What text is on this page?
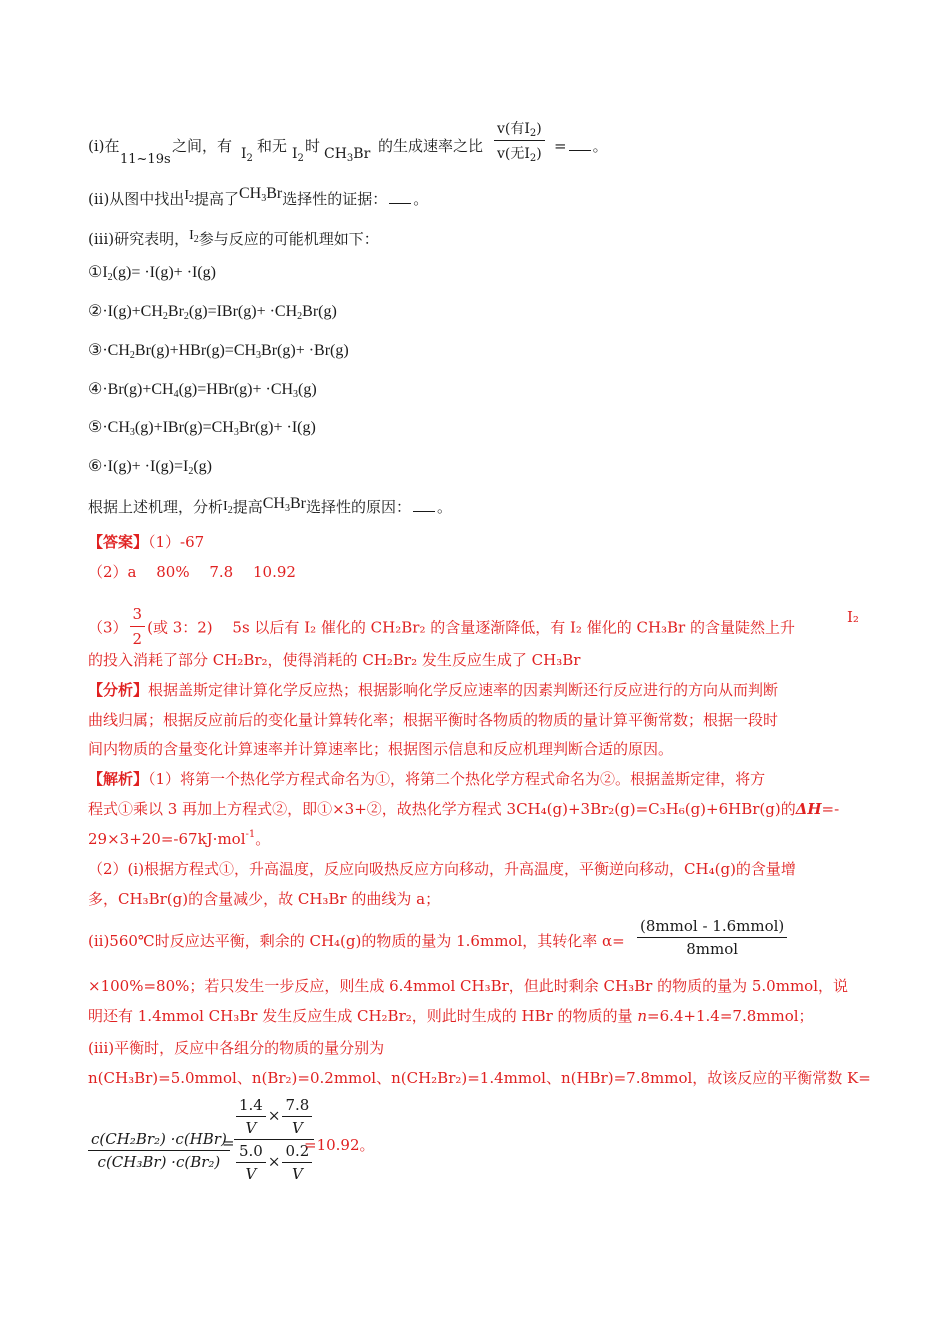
(i)在
11~19s
之间，有 $I_2$
和无 $I_2$
时 $CH_3Br$ 的生成速率之比 $\frac{v(有I_2)}{v(无I_2)}$ = 。
(ii)从图中找出$I_2$提高了$CH_3Br$选择性的证据： 。
(iii)研究表明，$I_2$参与反应的可能机理如下：
$①I_2(g)= \cdot I(g)+ \cdot I(g)$
$②\cdot I(g)+CH_2Br_2(g)=IBr(g)+ \cdot CH_2Br(g)$
$③\cdot CH_2Br(g)+HBr(g)=CH_3Br(g)+ \cdot Br(g)$
$④\cdot Br(g)+CH_4(g)=HBr(g)+ \cdot CH_3(g)$
$⑤\cdot CH_3(g)+IBr(g)=CH_3Br(g)+ \cdot I(g)$
⑥·I(g)+ $\cdot I(g)=I_2(g)$
根据上述机理，分析$I_2$提高$CH_3Br$选择性的原因： 。
【答案】（1）-67
（2）a　 80%　 7.8　 10.92
$(3) \frac{3}{2}$ (或 3：2)　 5s 以后有 I₂ 催化的 CH₂Br₂ 的含量逐渐降低，有 I₂ 催化的 CH₃Br 的含量陡然上升
I₂
的投入消耗了部分 CH₂Br₂，使得消耗的 CH₂Br₂ 发生反应生成了 CH₃Br
【分析】根据盖斯定律计算化学反应热；根据影响化学反应速率的因素判断还行反应进行的方向从而判断
曲线归属；根据反应前后的变化量计算转化率；根据平衡时各物质的物质的量计算平衡常数；根据一段时
间内物质的含量变化计算速率并计算速率比；根据图示信息和反应机理判断合适的原因。
【解析】（1）将第一个热化学方程式命名为①，将第二个热化学方程式命名为②。根据盖斯定律，将方
程式①乘以 3 再加上方程式②，即①×3+②，故热化学方程式 3CH₄(g)+3Br₂(g)=C₃H₆(g)+6HBr(g)的ΔH=-
29×3+20=-67kJ·mol$^{-1}$。
（2）(i)根据方程式①，升高温度，反应向吸热反应方向移动，升高温度，平衡逆向移动，CH₄(g)的含量增
多，CH₃Br(g)的含量减少，故 CH₃Br 的曲线为 a；
(ii)560℃时反应达平衡，剩余的 CH₄(g)的物质的量为 1.6mmol，其转化率 $\alpha= \frac{\text{(8mmol - 1.6mmol)}}{\text{8mmol}}$
×100%=80%；若只发生一步反应，则生成 6.4mmol CH₃Br，但此时剩余 CH₃Br 的物质的量为 5.0mmol，说
明还有 1.4mmol CH₃Br 发生反应生成 CH₂Br₂，则此时生成的 HBr 的物质的量 n=6.4+1.4=7.8mmol；
(iii)平衡时，反应中各组分的物质的量分别为
n(CH₃Br)=5.0mmol、n(Br₂)=0.2mmol、n(CH₂Br₂)=1.4mmol、n(HBr)=7.8mmol，故该反应的平衡常数 K=
$\frac{\text{c(CH₂Br₂) ·c(HBr)}}{\text{c(CH₃Br) ·c(Br₂)}}$
=
$\frac{1.4}{V} \times \frac{7.8}{V}$
$\frac{5.0}{V} \times \frac{0.2}{V}$
=10.92。
